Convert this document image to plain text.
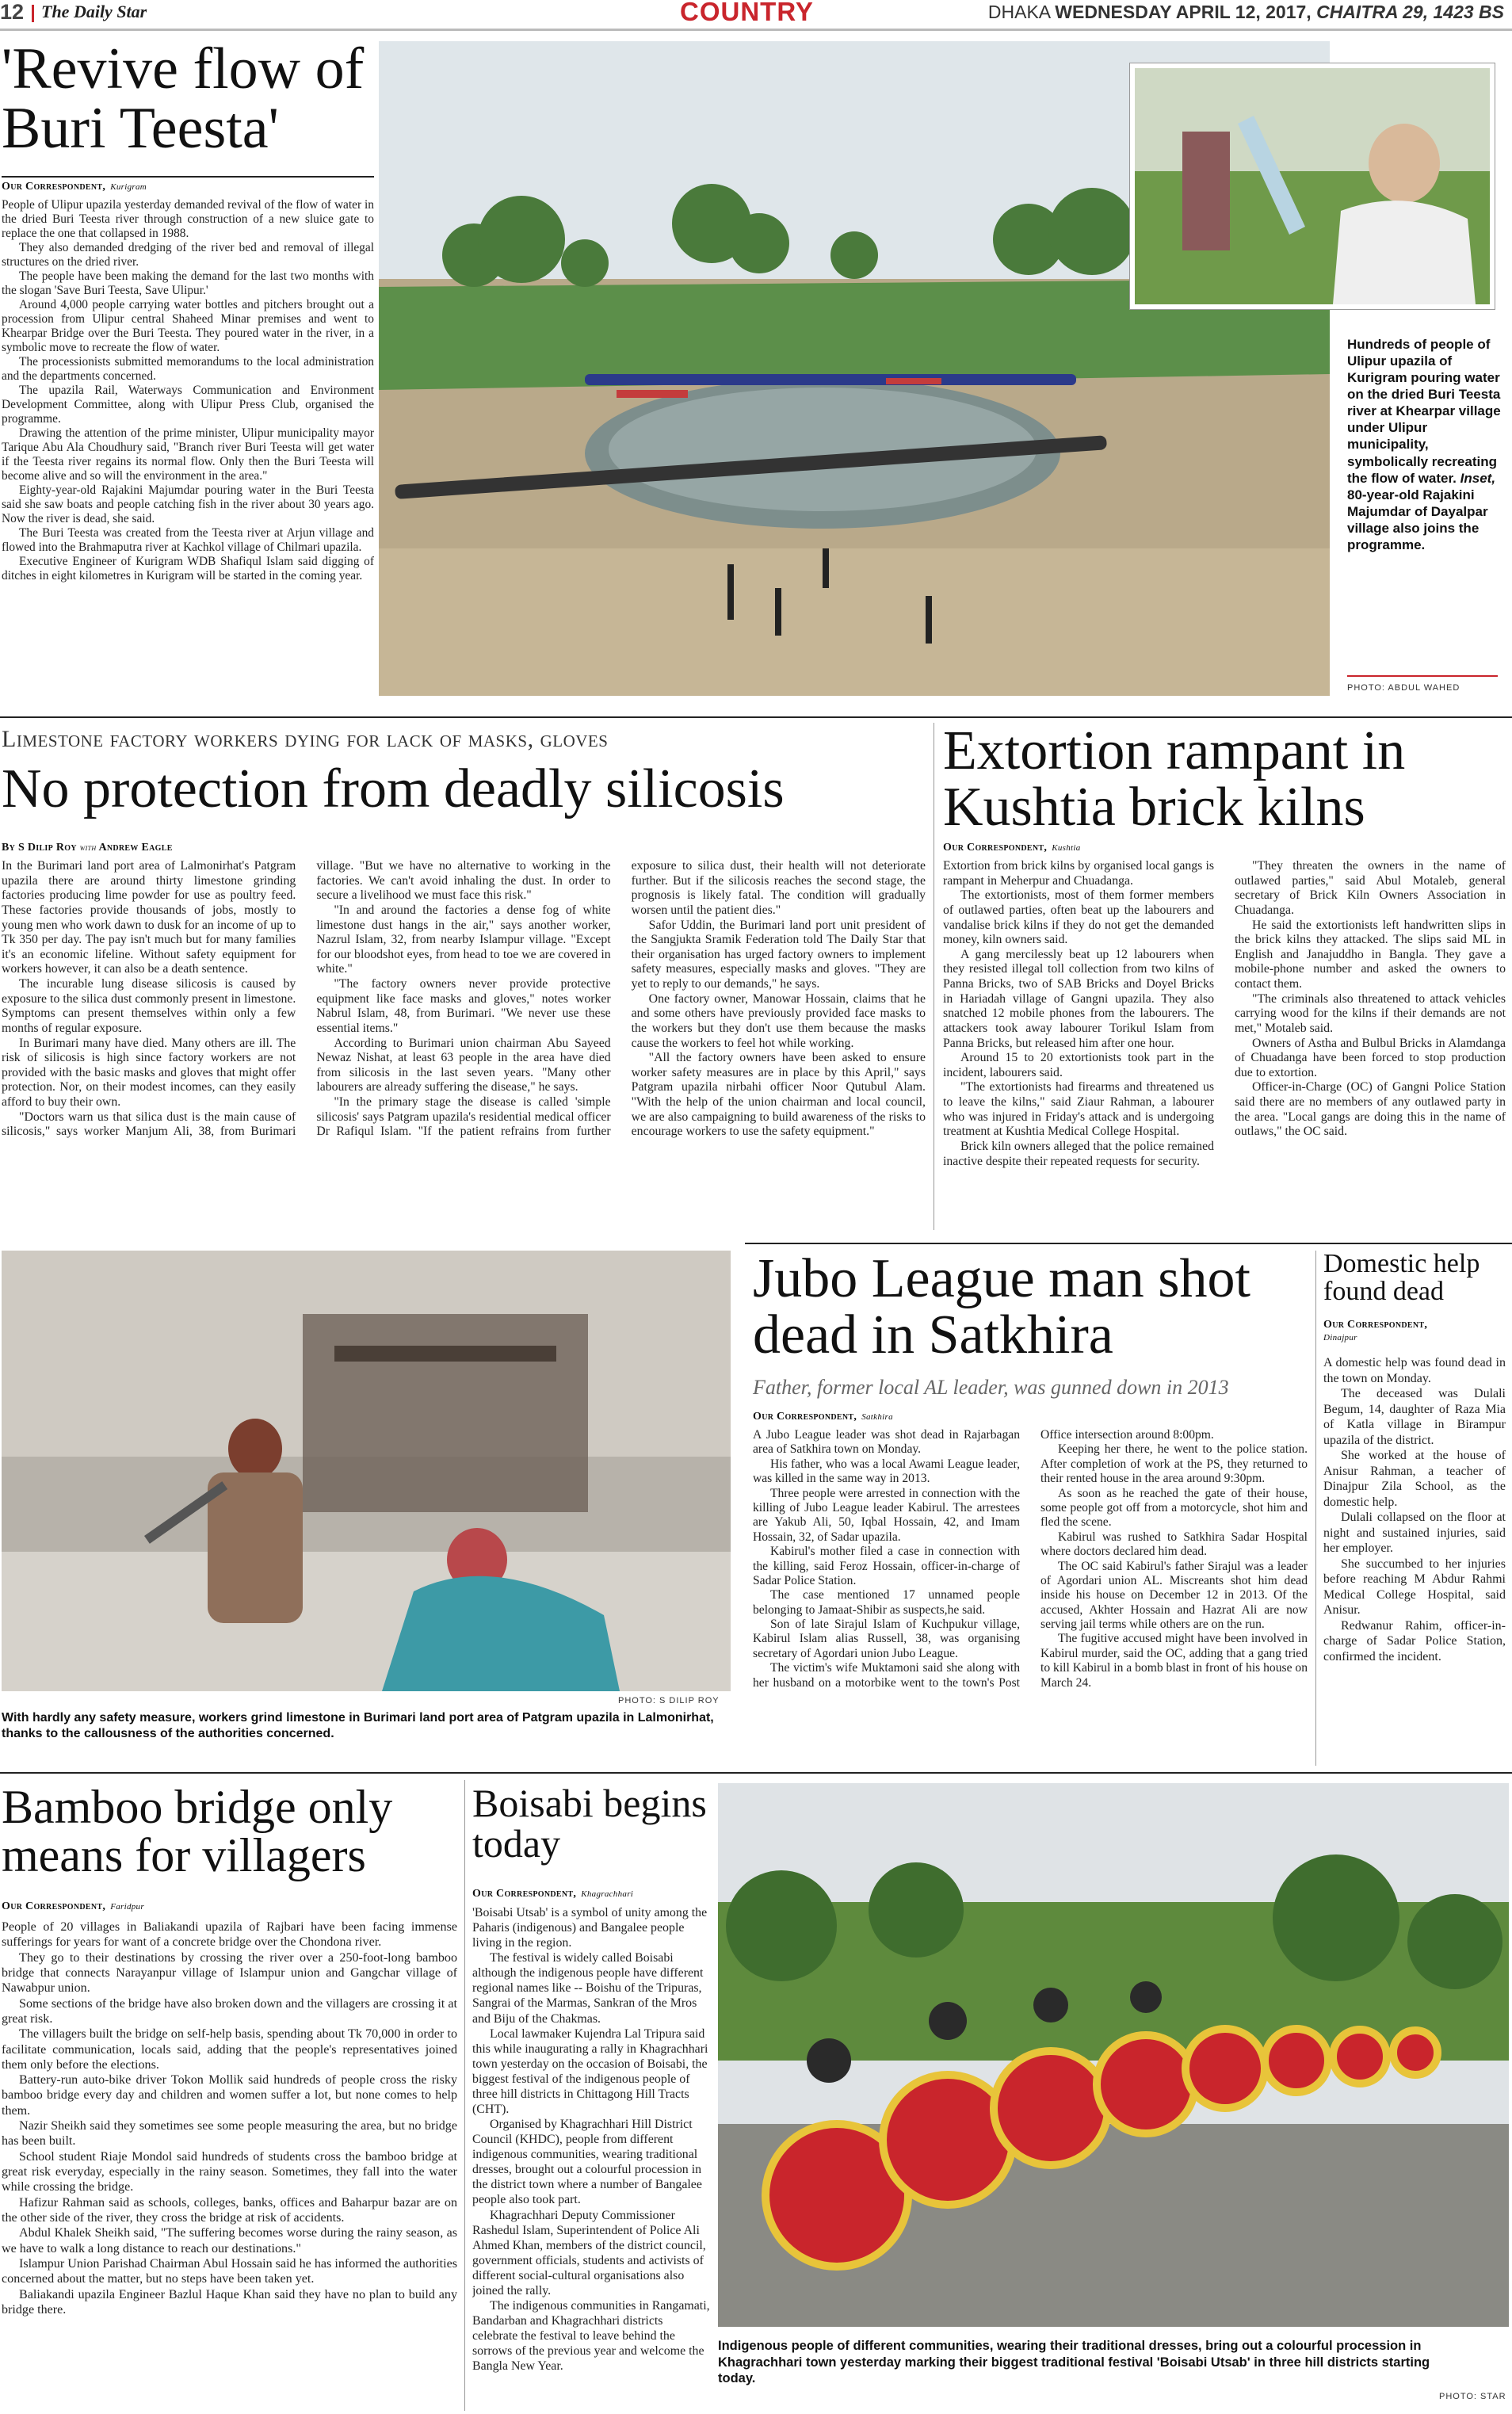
12 The Daily Star	COUNTRY	DHAKA WEDNESDAY APRIL 12, 2017, CHAITRA 29, 1423 BS
'Revive flow of Buri Teesta'
Our Correspondent, Kurigram

People of Ulipur upazila yesterday demanded revival of the flow of water in the dried Buri Teesta river through construction of a new sluice gate to replace the one that collapsed in 1988.

They also demanded dredging of the river bed and removal of illegal structures on the dried river.

The people have been making the demand for the last two months with the slogan 'Save Buri Teesta, Save Ulipur.'

Around 4,000 people carrying water bottles and pitchers brought out a procession from Ulipur central Shaheed Minar premises and went to Khearpar Bridge over the Buri Teesta. They poured water in the river, in a symbolic move to recreate the flow of water.

The processionists submitted memorandums to the local administration and the departments concerned.

The upazila Rail, Waterways Communication and Environment Development Committee, along with Ulipur Press Club, organised the programme.

Drawing the attention of the prime minister, Ulipur municipality mayor Tarique Abu Ala Choudhury said, "Branch river Buri Teesta will get water if the Teesta river regains its normal flow. Only then the Buri Teesta will become alive and so will the environment in the area."

Eighty-year-old Rajakini Majumdar pouring water in the Buri Teesta said she saw boats and people catching fish in the river about 30 years ago. Now the river is dead, she said.

The Buri Teesta was created from the Teesta river at Arjun village and flowed into the Brahmaputra river at Kachkol village of Chilmari upazila.

Executive Engineer of Kurigram WDB Shafiqul Islam said digging of ditches in eight kilometres in Kurigram will be started in the coming year.

Hundreds of people of Ulipur upazila of Kurigram pouring water on the dried Buri Teesta river at Khearpar village under Ulipur municipality, symbolically recreating the flow of water. Inset, 80-year-old Rajakini Majumdar of Dayalpar village also joins the programme.
PHOTO: ABDUL WAHED
Limestone factory workers dying for lack of masks, gloves
No protection from deadly silicosis
By S Dilip Roy with Andrew Eagle

In the Burimari land port area of Lalmonirhat's Patgram upazila there are around thirty limestone grinding factories producing lime powder for use as poultry feed. These factories provide thousands of jobs, mostly to young men who work dawn to dusk for an income of up to Tk 350 per day. The pay isn't much but for many families it's an economic lifeline. Without safety equipment for workers however, it can also be a death sentence.

The incurable lung disease silicosis is caused by exposure to the silica dust commonly present in limestone. Symptoms can present themselves within only a few months of regular exposure.

In Burimari many have died. Many others are ill. The risk of silicosis is high since factory workers are not provided with the basic masks and gloves that might offer protection. Nor, on their modest incomes, can they easily afford to buy their own.

"Doctors warn us that silica dust is the main cause of silicosis," says worker Manjum Ali, 38, from Burimari village. "But we have no alternative to working in the factories. We can't avoid inhaling the dust. In order to secure a livelihood we must face this risk."

"In and around the factories a dense fog of white limestone dust hangs in the air," says another worker, Nazrul Islam, 32, from nearby Islampur village. "Except for our bloodshot eyes, from head to toe we are covered in white."

"The factory owners never provide protective equipment like face masks and gloves," notes worker Nabrul Islam, 48, from Burimari. "We never use these essential items."

According to Burimari union chairman Abu Sayeed Newaz Nishat, at least 63 people in the area have died from silicosis in the last seven years. "Many other labourers are already suffering the disease," he says.

"In the primary stage the disease is called 'simple silicosis' says Patgram upazila's residential medical officer Dr Rafiqul Islam. "If the patient refrains from further exposure to silica dust, their health will not deteriorate further. But if the silicosis reaches the second stage, the prognosis is likely fatal. The condition will gradually worsen until the patient dies."

Safor Uddin, the Burimari land port unit president of the Sangjukta Sramik Federation told The Daily Star that their organisation has urged factory owners to implement safety measures, especially masks and gloves. "They are yet to reply to our demands," he says.

One factory owner, Manowar Hossain, claims that he and some others have previously provided face masks to the workers but they don't use them because the masks cause the workers to feel hot while working.

"All the factory owners have been asked to ensure worker safety measures are in place by this April," says Patgram upazila nirbahi officer Noor Qutubul Alam. "With the help of the union chairman and local council, we are also campaigning to build awareness of the risks to encourage workers to use the safety equipment."

Extortion rampant in Kushtia brick kilns
Our Correspondent, Kushtia

Extortion from brick kilns by organised local gangs is rampant in Meherpur and Chuadanga.

The extortionists, most of them former members of outlawed parties, often beat up the labourers and vandalise brick kilns if they do not get the demanded money, kiln owners said.

A gang mercilessly beat up 12 labourers when they resisted illegal toll collection from two kilns of Panna Bricks, two of SAB Bricks and Doyel Bricks in Hariadah village of Gangni upazila. They also snatched 12 mobile phones from the labourers. The attackers took away labourer Torikul Islam from Panna Bricks, but released him after one hour.

Around 15 to 20 extortionists took part in the incident, labourers said.

"The extortionists had firearms and threatened us to leave the kilns," said Ziaur Rahman, a labourer who was injured in Friday's attack and is undergoing treatment at Kushtia Medical College Hospital.

Brick kiln owners alleged that the police remained inactive despite their repeated requests for security.

"They threaten the owners in the name of outlawed parties," said Abul Motaleb, general secretary of Brick Kiln Owners Association in Chuadanga.

He said the extortionists left handwritten slips in the brick kilns they attacked. The slips said ML in English and Janajuddho in Bangla. They gave a mobile-phone number and asked the owners to contact them.

"The criminals also threatened to attack vehicles carrying wood for the kilns if their demands are not met," Motaleb said.

Owners of Astha and Bulbul Bricks in Alamdanga of Chuadanga have been forced to stop production due to extortion.

Officer-in-Charge (OC) of Gangni Police Station said there are no members of any outlawed party in the area. "Local gangs are doing this in the name of outlaws," the OC said.

PHOTO: S DILIP ROY
With hardly any safety measure, workers grind limestone in Burimari land port area of Patgram upazila in Lalmonirhat, thanks to the callousness of the authorities concerned.
Jubo League man shot dead in Satkhira
Father, former local AL leader, was gunned down in 2013
Our Correspondent, Satkhira

A Jubo League leader was shot dead in Rajarbagan area of Satkhira town on Monday.

His father, who was a local Awami League leader, was killed in the same way in 2013.

Three people were arrested in connection with the killing of Jubo League leader Kabirul. The arrestees are Yakub Ali, 50, Iqbal Hossain, 42, and Imam Hossain, 32, of Sadar upazila.

Kabirul's mother filed a case in connection with the killing, said Feroz Hossain, officer-in-charge of Sadar Police Station.

The case mentioned 17 unnamed people belonging to Jamaat-Shibir as suspects,he said.

Son of late Sirajul Islam of Kuchpukur village, Kabirul Islam alias Russell, 38, was organising secretary of Agordari union Jubo League.

The victim's wife Muktamoni said she along with her husband on a motorbike went to the town's Post Office intersection around 8:00pm.

Keeping her there, he went to the police station. After completion of work at the PS, they returned to their rented house in the area around 9:30pm.

As soon as he reached the gate of their house, some people got off from a motorcycle, shot him and fled the scene.

Kabirul was rushed to Satkhira Sadar Hospital where doctors declared him dead.

The OC said Kabirul's father Sirajul was a leader of Agordari union AL. Miscreants shot him dead inside his house on December 12 in 2013. Of the accused, Akhter Hossain and Hazrat Ali are now serving jail terms while others are on the run.

The fugitive accused might have been involved in Kabirul murder, said the OC, adding that a gang tried to kill Kabirul in a bomb blast in front of his house on March 24.

Domestic help found dead
Our Correspondent,
Dinajpur

A domestic help was found dead in the town on Monday.

The deceased was Dulali Begum, 14, daughter of Raza Mia of Katla village in Birampur upazila of the district.

She worked at the house of Anisur Rahman, a teacher of Dinajpur Zila School, as the domestic help.

Dulali collapsed on the floor at night and sustained injuries, said her employer.

She succumbed to her injuries before reaching M Abdur Rahmi Medical College Hospital, said Anisur.

Redwanur Rahim, officer-in-charge of Sadar Police Station, confirmed the incident.

Bamboo bridge only means for villagers
Our Correspondent, Faridpur

People of 20 villages in Baliakandi upazila of Rajbari have been facing immense sufferings for years for want of a concrete bridge over the Chondona river.

They go to their destinations by crossing the river over a 250-foot-long bamboo bridge that connects Narayanpur village of Islampur union and Gangchar village of Nawabpur union.

Some sections of the bridge have also broken down and the villagers are crossing it at great risk.

The villagers built the bridge on self-help basis, spending about Tk 70,000 in order to facilitate communication, locals said, adding that the people's representatives joined them only before the elections.

Battery-run auto-bike driver Tokon Mollik said hundreds of people cross the risky bamboo bridge every day and children and women suffer a lot, but none comes to help them.

Nazir Sheikh said they sometimes see some people measuring the area, but no bridge has been built.

School student Riaje Mondol said hundreds of students cross the bamboo bridge at great risk everyday, especially in the rainy season. Sometimes, they fall into the water while crossing the bridge.

Hafizur Rahman said as schools, colleges, banks, offices and Baharpur bazar are on the other side of the river, they cross the bridge at risk of accidents.

Abdul Khalek Sheikh said, "The suffering becomes worse during the rainy season, as we have to walk a long distance to reach our destinations."

Islampur Union Parishad Chairman Abul Hossain said he has informed the authorities concerned about the matter, but no steps have been taken yet.

Baliakandi upazila Engineer Bazlul Haque Khan said they have no plan to build any bridge there.

Boisabi begins today
Our Correspondent, Khagrachhari

'Boisabi Utsab' is a symbol of unity among the Paharis (indigenous) and Bangalee people living in the region.

The festival is widely called Boisabi although the indigenous people have different regional names like -- Boishu of the Tripuras, Sangrai of the Marmas, Sankran of the Mros and Biju of the Chakmas.

Local lawmaker Kujendra Lal Tripura said this while inaugurating a rally in Khagrachhari town yesterday on the occasion of Boisabi, the biggest festival of the indigenous people of three hill districts in Chittagong Hill Tracts (CHT).

Organised by Khagrachhari Hill District Council (KHDC), people from different indigenous communities, wearing traditional dresses, brought out a colourful procession in the district town where a number of Bangalee people also took part.

Khagrachhari Deputy Commissioner Rashedul Islam, Superintendent of Police Ali Ahmed Khan, members of the district council, government officials, students and activists of different social-cultural organisations also joined the rally.

The indigenous communities in Rangamati, Bandarban and Khagrachhari districts celebrate the festival to leave behind the sorrows of the previous year and welcome the Bangla New Year.

Indigenous people of different communities, wearing their traditional dresses, bring out a colourful procession in Khagrachhari town yesterday marking their biggest traditional festival 'Boisabi Utsab' in three hill districts starting today.
PHOTO: STAR
